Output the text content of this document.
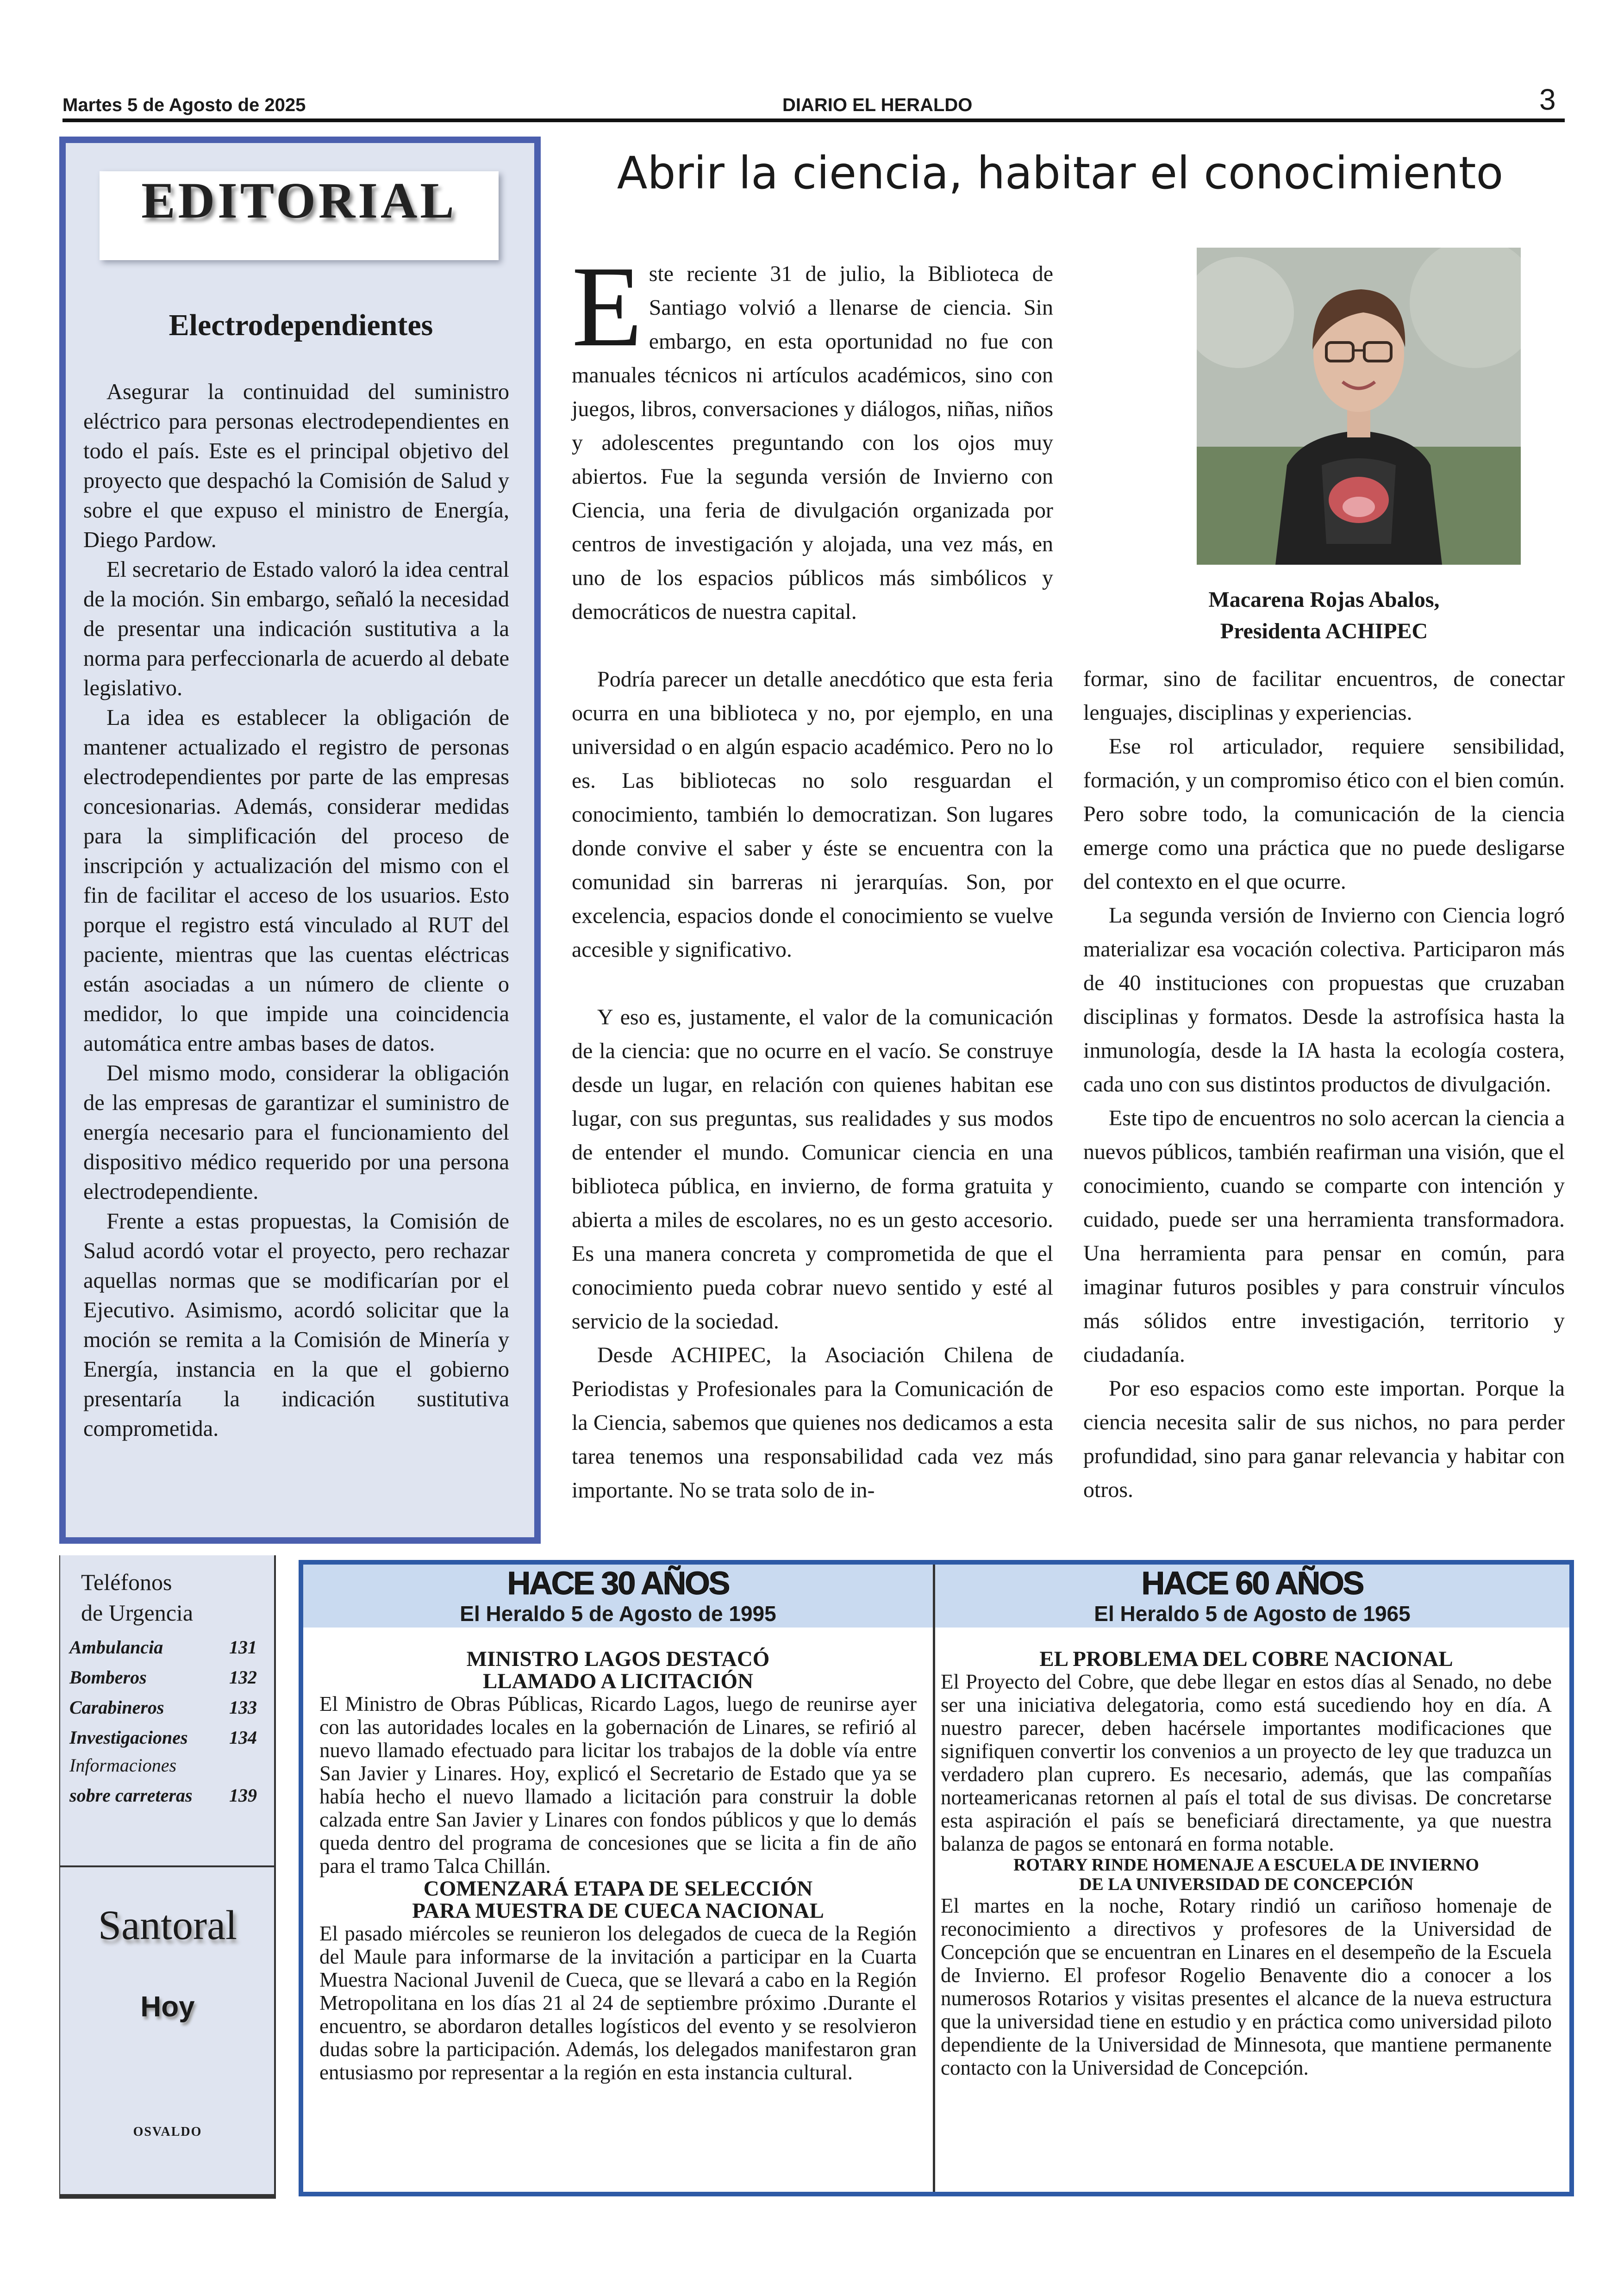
Martes 5 de Agosto de 2025	DIARIO EL HERALDO	3
EDITORIAL
Electrodependientes

Asegurar la continuidad del suministro eléctrico para personas electrodependientes en todo el país. Este es el principal objetivo del proyecto que despachó la Comisión de Salud y sobre el que expuso el ministro de Energía, Diego Pardow.

El secretario de Estado valoró la idea central de la moción. Sin embargo, señaló la necesidad de presentar una indicación sustitutiva a la norma para perfeccionarla de acuerdo al debate legislativo.

La idea es establecer la obligación de mantener actualizado el registro de personas electrodependientes por parte de las empresas concesionarias. Además, considerar medidas para la simplificación del proceso de inscripción y actualización del mismo con el fin de facilitar el acceso de los usuarios. Esto porque el registro está vinculado al RUT del paciente, mientras que las cuentas eléctricas están asociadas a un número de cliente o medidor, lo que impide una coincidencia automática entre ambas bases de datos.

Del mismo modo, considerar la obligación de las empresas de garantizar el suministro de energía necesario para el funcionamiento del dispositivo médico requerido por una persona electrodependiente.

Frente a estas propuestas, la Comisión de Salud acordó votar el proyecto, pero rechazar aquellas normas que se modificarían por el Ejecutivo. Asimismo, acordó solicitar que la moción se remita a la Comisión de Minería y Energía, instancia en la que el gobierno presentaría la indicación sustitutiva comprometida.

Abrir la ciencia, habitar el conocimiento

Este reciente 31 de julio, la Biblioteca de Santiago volvió a llenarse de ciencia. Sin embargo, en esta oportunidad no fue con manuales técnicos ni artículos académicos, sino con juegos, libros, conversaciones y diálogos, niñas, niños y adolescentes preguntando con los ojos muy abiertos. Fue la segunda versión de Invierno con Ciencia, una feria de divulgación organizada por centros de investigación y alojada, una vez más, en uno de los espacios públicos más simbólicos y democráticos de nuestra capital.

Podría parecer un detalle anecdótico que esta feria ocurra en una biblioteca y no, por ejemplo, en una universidad o en algún espacio académico. Pero no lo es. Las bibliotecas no solo resguardan el conocimiento, también lo democratizan. Son lugares donde convive el saber y éste se encuentra con la comunidad sin barreras ni jerarquías. Son, por excelencia, espacios donde el conocimiento se vuelve accesible y significativo.

Y eso es, justamente, el valor de la comunicación de la ciencia: que no ocurre en el vacío. Se construye desde un lugar, en relación con quienes habitan ese lugar, con sus preguntas, sus realidades y sus modos de entender el mundo. Comunicar ciencia en una biblioteca pública, en invierno, de forma gratuita y abierta a miles de escolares, no es un gesto accesorio. Es una manera concreta y comprometida de que el conocimiento pueda cobrar nuevo sentido y esté al servicio de la sociedad.

Desde ACHIPEC, la Asociación Chilena de Periodistas y Profesionales para la Comunicación de la Ciencia, sabemos que quienes nos dedicamos a esta tarea tenemos una responsabilidad cada vez más importante. No se trata solo de in-

Macarena Rojas Abalos,
Presidenta ACHIPEC

formar, sino de facilitar encuentros, de conectar lenguajes, disciplinas y experiencias.

Ese rol articulador, requiere sensibilidad, formación, y un compromiso ético con el bien común. Pero sobre todo, la comunicación de la ciencia emerge como una práctica que no puede desligarse del contexto en el que ocurre.

La segunda versión de Invierno con Ciencia logró materializar esa vocación colectiva. Participaron más de 40 instituciones con propuestas que cruzaban disciplinas y formatos. Desde la astrofísica hasta la inmunología, desde la IA hasta la ecología costera, cada uno con sus distintos productos de divulgación.

Este tipo de encuentros no solo acercan la ciencia a nuevos públicos, también reafirman una visión, que el conocimiento, cuando se comparte con intención y cuidado, puede ser una herramienta transformadora. Una herramienta para pensar en común, para imaginar futuros posibles y para construir vínculos más sólidos entre investigación, territorio y ciudadanía.

Por eso espacios como este importan. Porque la ciencia necesita salir de sus nichos, no para perder profundidad, sino para ganar relevancia y habitar con otros.

Teléfonos
de Urgencia
Ambulancia	131
Bomberos	132
Carabineros	133
Investigaciones 134
Informaciones
sobre carreteras 139
Santoral
Hoy
OSVALDO
HACE 30 AÑOS
El Heraldo 5 de Agosto de 1995
HACE 60 AÑOS
El Heraldo 5 de Agosto de 1965
MINISTRO LAGOS DESTACÓ
LLAMADO A LICITACIÓN

El Ministro de Obras Públicas, Ricardo Lagos, luego de reunirse ayer con las autoridades locales en la gobernación de Linares, se refirió al nuevo llamado efectuado para licitar los trabajos de la doble vía entre San Javier y Linares. Hoy, explicó el Secretario de Estado que ya se había hecho el nuevo llamado a licitación para construir la doble calzada entre San Javier y Linares con fondos públicos y que lo demás queda dentro del programa de concesiones que se licita a fin de año para el tramo Talca Chillán.

COMENZARÁ ETAPA DE SELECCIÓN
PARA MUESTRA DE CUECA NACIONAL

El pasado miércoles se reunieron los delegados de cueca de la Región del Maule para informarse de la invitación a participar en la Cuarta Muestra Nacional Juvenil de Cueca, que se llevará a cabo en la Región Metropolitana en los días 21 al 24 de septiembre próximo .Durante el encuentro, se abordaron detalles logísticos del evento y se resolvieron dudas sobre la participación. Además, los delegados manifestaron gran entusiasmo por representar a la región en esta instancia cultural.

EL PROBLEMA DEL COBRE NACIONAL

El Proyecto del Cobre, que debe llegar en estos días al Senado, no debe ser una iniciativa delegatoria, como está sucediendo hoy en día. A nuestro parecer, deben hacérsele importantes modificaciones que signifiquen convertir los convenios a un proyecto de ley que traduzca un verdadero plan cuprero. Es necesario, además, que las compañías norteamericanas retornen al país el total de sus divisas. De concretarse esta aspiración el país se beneficiará directamente, ya que nuestra balanza de pagos se entonará en forma notable.

ROTARY RINDE HOMENAJE A ESCUELA DE INVIERNO
DE LA UNIVERSIDAD DE CONCEPCIÓN

El martes en la noche, Rotary rindió un cariñoso homenaje de reconocimiento a directivos y profesores de la Universidad de Concepción que se encuentran en Linares en el desempeño de la Escuela de Invierno. El profesor Rogelio Benavente dio a conocer a los numerosos Rotarios y visitas presentes el alcance de la nueva estructura que la universidad tiene en estudio y en práctica como universidad piloto dependiente de la Universidad de Minnesota, que mantiene permanente contacto con la Universidad de Concepción.
